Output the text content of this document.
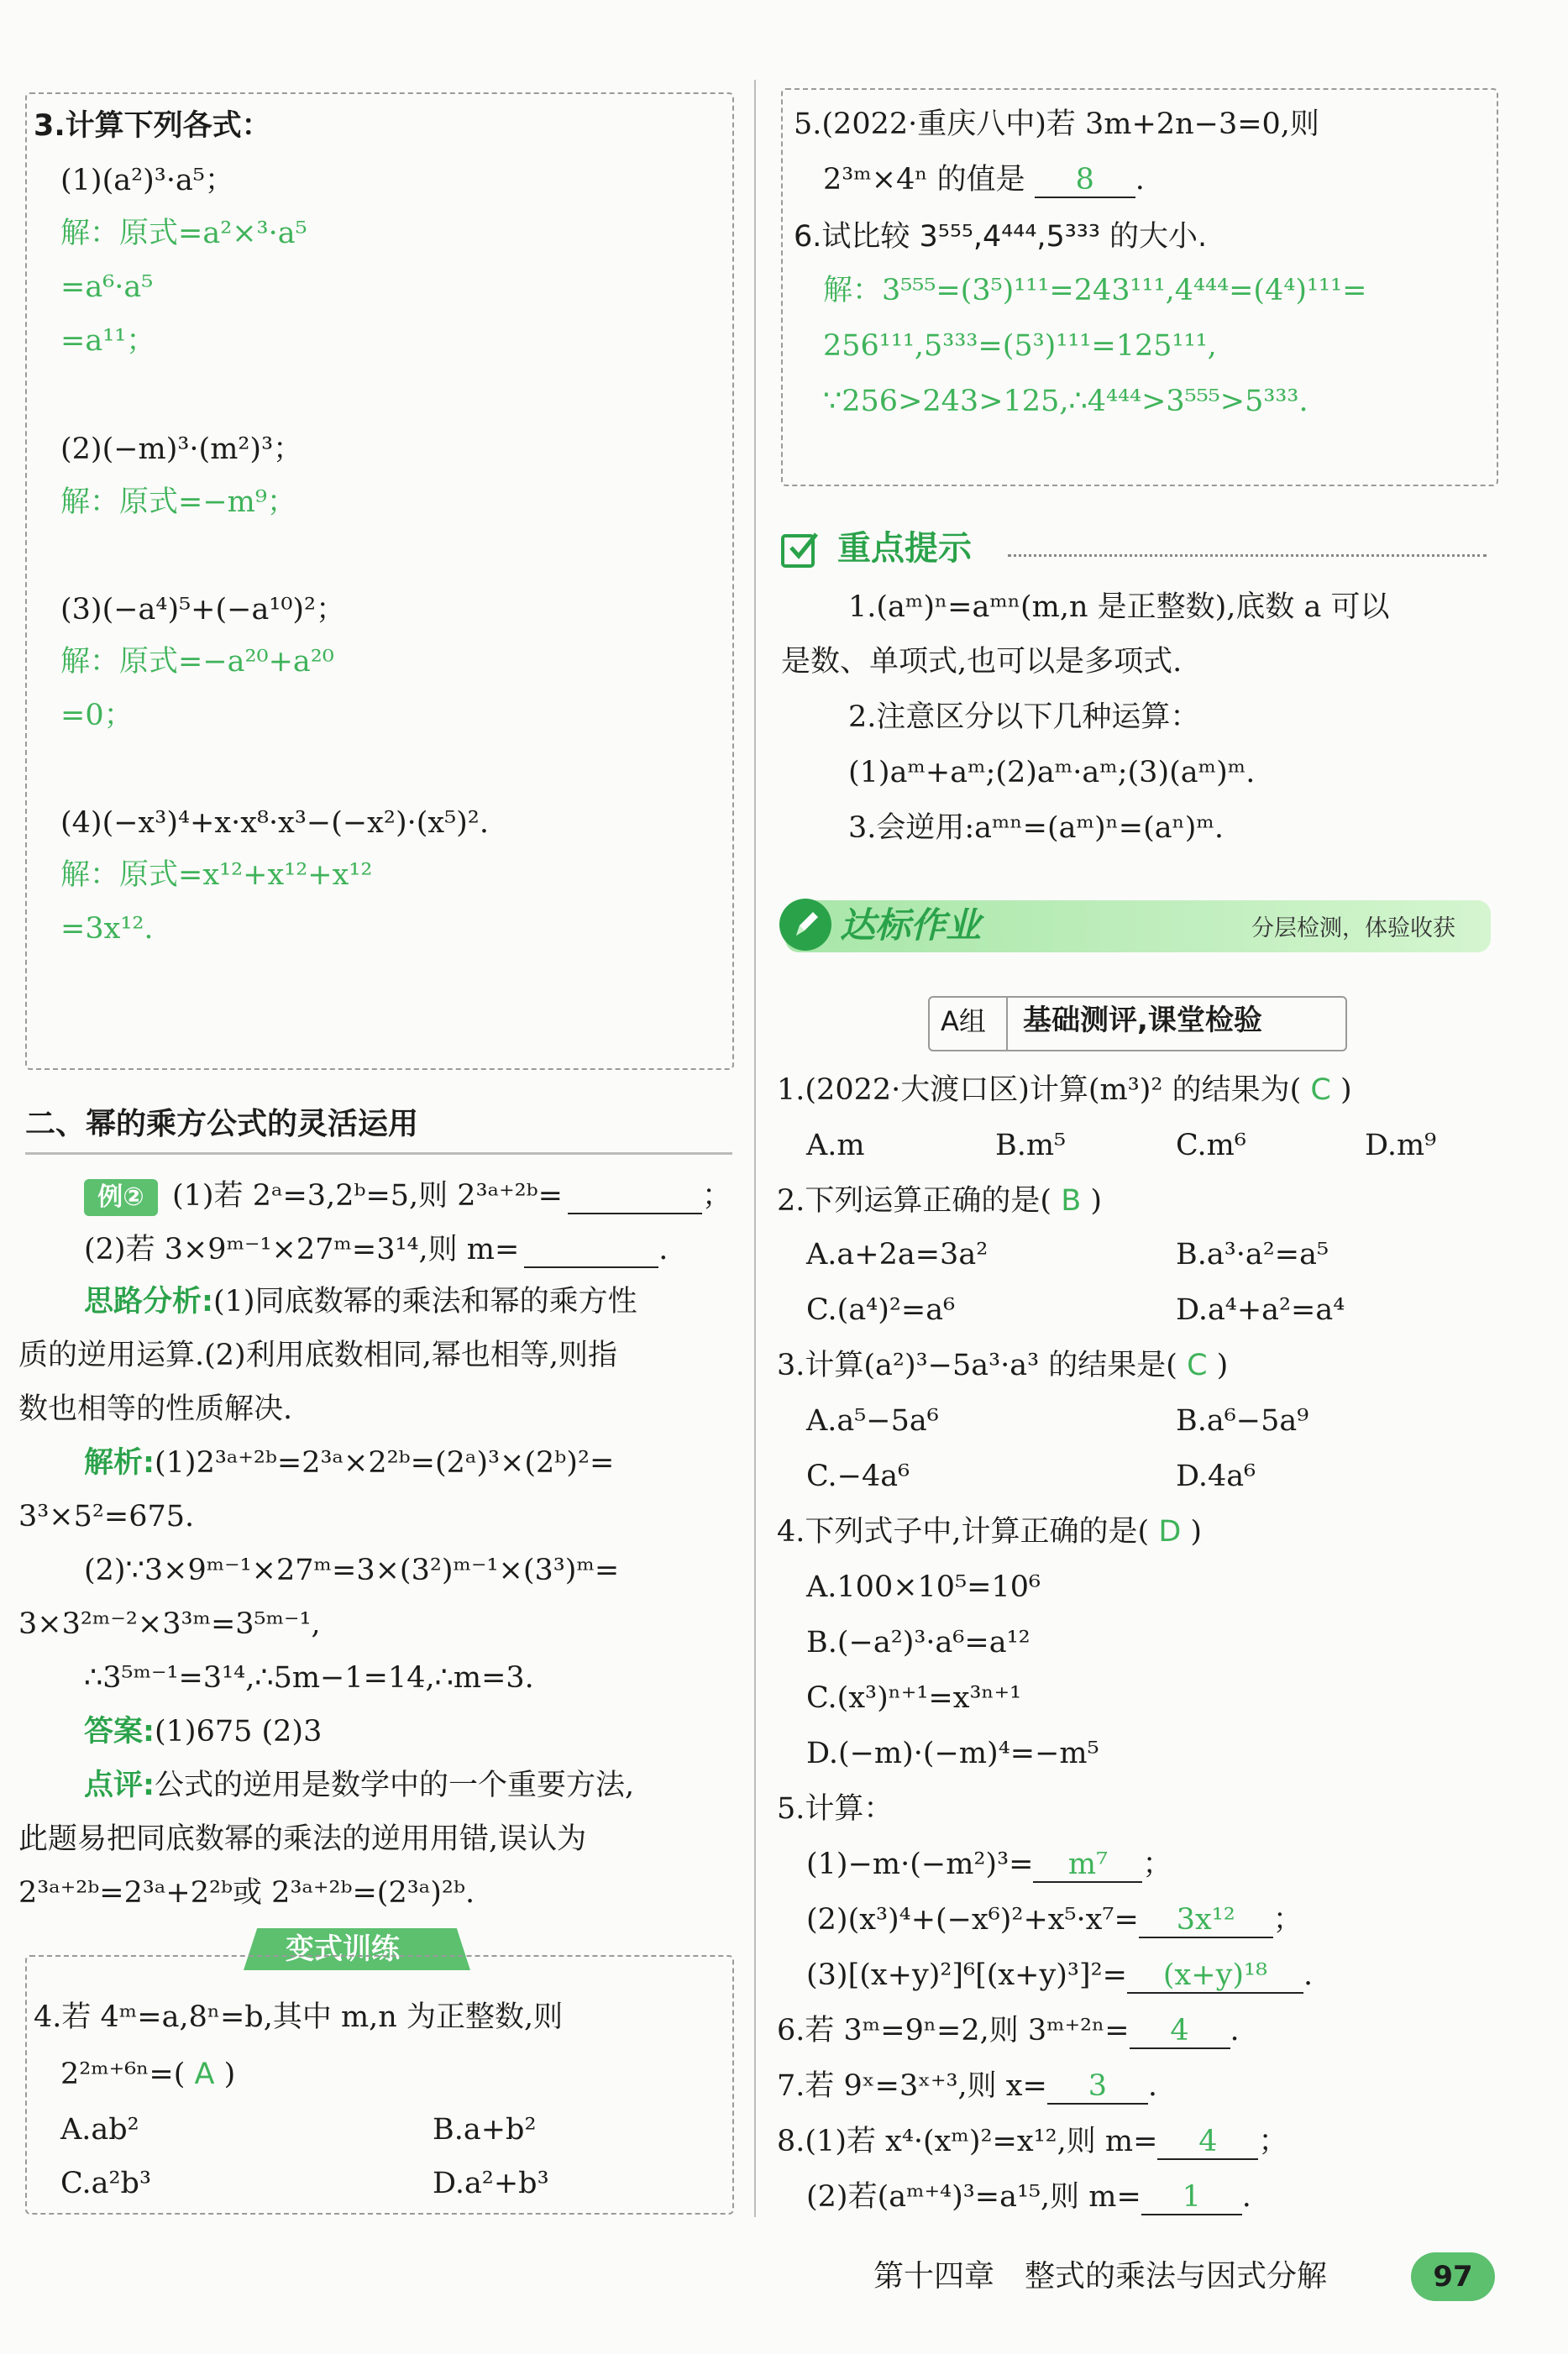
3.计算下列各式：
(1)(a²)³·a⁵；
解：原式=a²×³·a⁵
=a⁶·a⁵
=a¹¹；
(2)(−m)³·(m²)³；
解：原式=−m⁹；
(3)(−a⁴)⁵+(−a¹⁰)²；
解：原式=−a²⁰+a²⁰
=0；
(4)(−x³)⁴+x·x⁸·x³−(−x²)·(x⁵)².
解：原式=x¹²+x¹²+x¹²
=3x¹².
二、幂的乘方公式的灵活运用
例② (1)若 2ᵃ=3,2ᵇ=5,则 2³ᵃ⁺²ᵇ=	；
(2)若 3×9ᵐ⁻¹×27ᵐ=3¹⁴,则 m=	.
思路分析:(1)同底数幂的乘法和幂的乘方性
质的逆用运算.(2)利用底数相同,幂也相等,则指
数也相等的性质解决.
解析:(1)2³ᵃ⁺²ᵇ=2³ᵃ×2²ᵇ=(2ᵃ)³×(2ᵇ)²=
3³×5²=675.
(2)∵3×9ᵐ⁻¹×27ᵐ=3×(3²)ᵐ⁻¹×(3³)ᵐ=
3×3²ᵐ⁻²×3³ᵐ=3⁵ᵐ⁻¹,
∴3⁵ᵐ⁻¹=3¹⁴,∴5m−1=14,∴m=3.
答案:(1)675 (2)3
点评:公式的逆用是数学中的一个重要方法,
此题易把同底数幂的乘法的逆用用错,误认为
2³ᵃ⁺²ᵇ=2³ᵃ+2²ᵇ或 2³ᵃ⁺²ᵇ=(2³ᵃ)²ᵇ.
变式训练
4.若 4ᵐ=a,8ⁿ=b,其中 m,n 为正整数,则
2²ᵐ⁺⁶ⁿ=( A )
A.ab²	B.a+b²
C.a²b³	D.a²+b³
5.(2022·重庆八中)若 3m+2n−3=0,则
2³ᵐ×4ⁿ 的值是 8 .
6.试比较 3⁵⁵⁵,4⁴⁴⁴,5³³³ 的大小.
解：3⁵⁵⁵=(3⁵)¹¹¹=243¹¹¹,4⁴⁴⁴=(4⁴)¹¹¹=
256¹¹¹,5³³³=(5³)¹¹¹=125¹¹¹,
∵256>243>125,∴4⁴⁴⁴>3⁵⁵⁵>5³³³.
重点提示
1.(aᵐ)ⁿ=aᵐⁿ(m,n 是正整数),底数 a 可以
是数、单项式,也可以是多项式.
2.注意区分以下几种运算：
(1)aᵐ+aᵐ;(2)aᵐ·aᵐ;(3)(aᵐ)ᵐ.
3.会逆用:aᵐⁿ=(aᵐ)ⁿ=(aⁿ)ᵐ.
达标作业	分层检测，体验收获
A组 基础测评,课堂检验
1.(2022·大渡口区)计算(m³)² 的结果为( C )
A.m	B.m⁵	C.m⁶	D.m⁹
2.下列运算正确的是( B )
A.a+2a=3a²	B.a³·a²=a⁵
C.(a⁴)²=a⁶	D.a⁴+a²=a⁴
3.计算(a²)³−5a³·a³ 的结果是( C )
A.a⁵−5a⁶	B.a⁶−5a⁹
C.−4a⁶	D.4a⁶
4.下列式子中,计算正确的是( D )
A.100×10⁵=10⁶
B.(−a²)³·a⁶=a¹²
C.(x³)ⁿ⁺¹=x³ⁿ⁺¹
D.(−m)·(−m)⁴=−m⁵
5.计算：
(1)−m·(−m²)³= m⁷ ；
(2)(x³)⁴+(−x⁶)²+x⁵·x⁷= 3x¹² ；
(3)[(x+y)²]⁶[(x+y)³]²= (x+y)¹⁸ .
6.若 3ᵐ=9ⁿ=2,则 3ᵐ⁺²ⁿ= 4 .
7.若 9ˣ=3ˣ⁺³,则 x= 3 .
8.(1)若 x⁴·(xᵐ)²=x¹²,则 m= 4 ；
(2)若(aᵐ⁺⁴)³=a¹⁵,则 m= 1 .
第十四章　整式的乘法与因式分解	97
